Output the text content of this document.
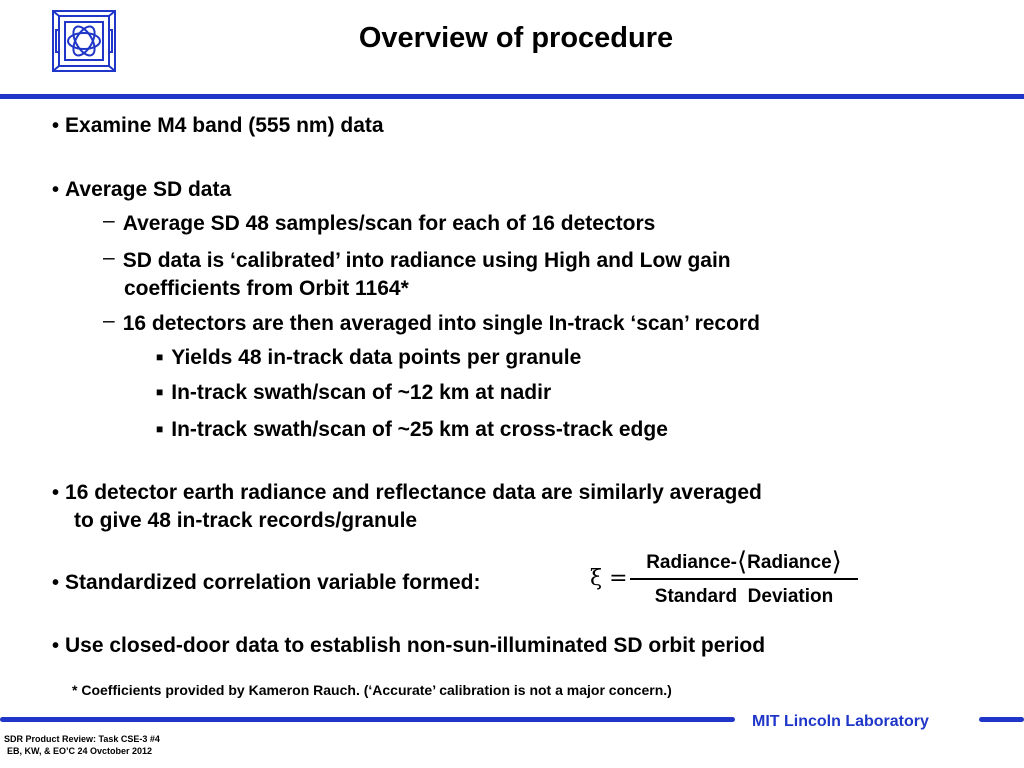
Overview of procedure
• Examine M4 band (555 nm) data
• Average SD data
– Average SD 48 samples/scan for each of 16 detectors
– SD data is ‘calibrated’ into radiance using High and Low gain
coefficients from Orbit 1164*
– 16 detectors are then averaged into single In-track ‘scan’ record
■ Yields 48 in-track data points per granule
■ In-track swath/scan of ~12 km at nadir
■ In-track swath/scan of ~25 km at cross-track edge
• 16 detector earth radiance and reflectance data are similarly averaged
to give 48 in-track records/granule
• Standardized correlation variable formed:	ξ =
Radiance-⟨Radiance⟩
Standard  Deviation
• Use closed-door data to establish non-sun-illuminated SD orbit period
* Coefficients provided by Kameron Rauch. (‘Accurate’ calibration is not a major concern.)
MIT Lincoln Laboratory
SDR Product Review: Task CSE-3 #4
EB, KW, & EO’C 24 Ovctober 2012
